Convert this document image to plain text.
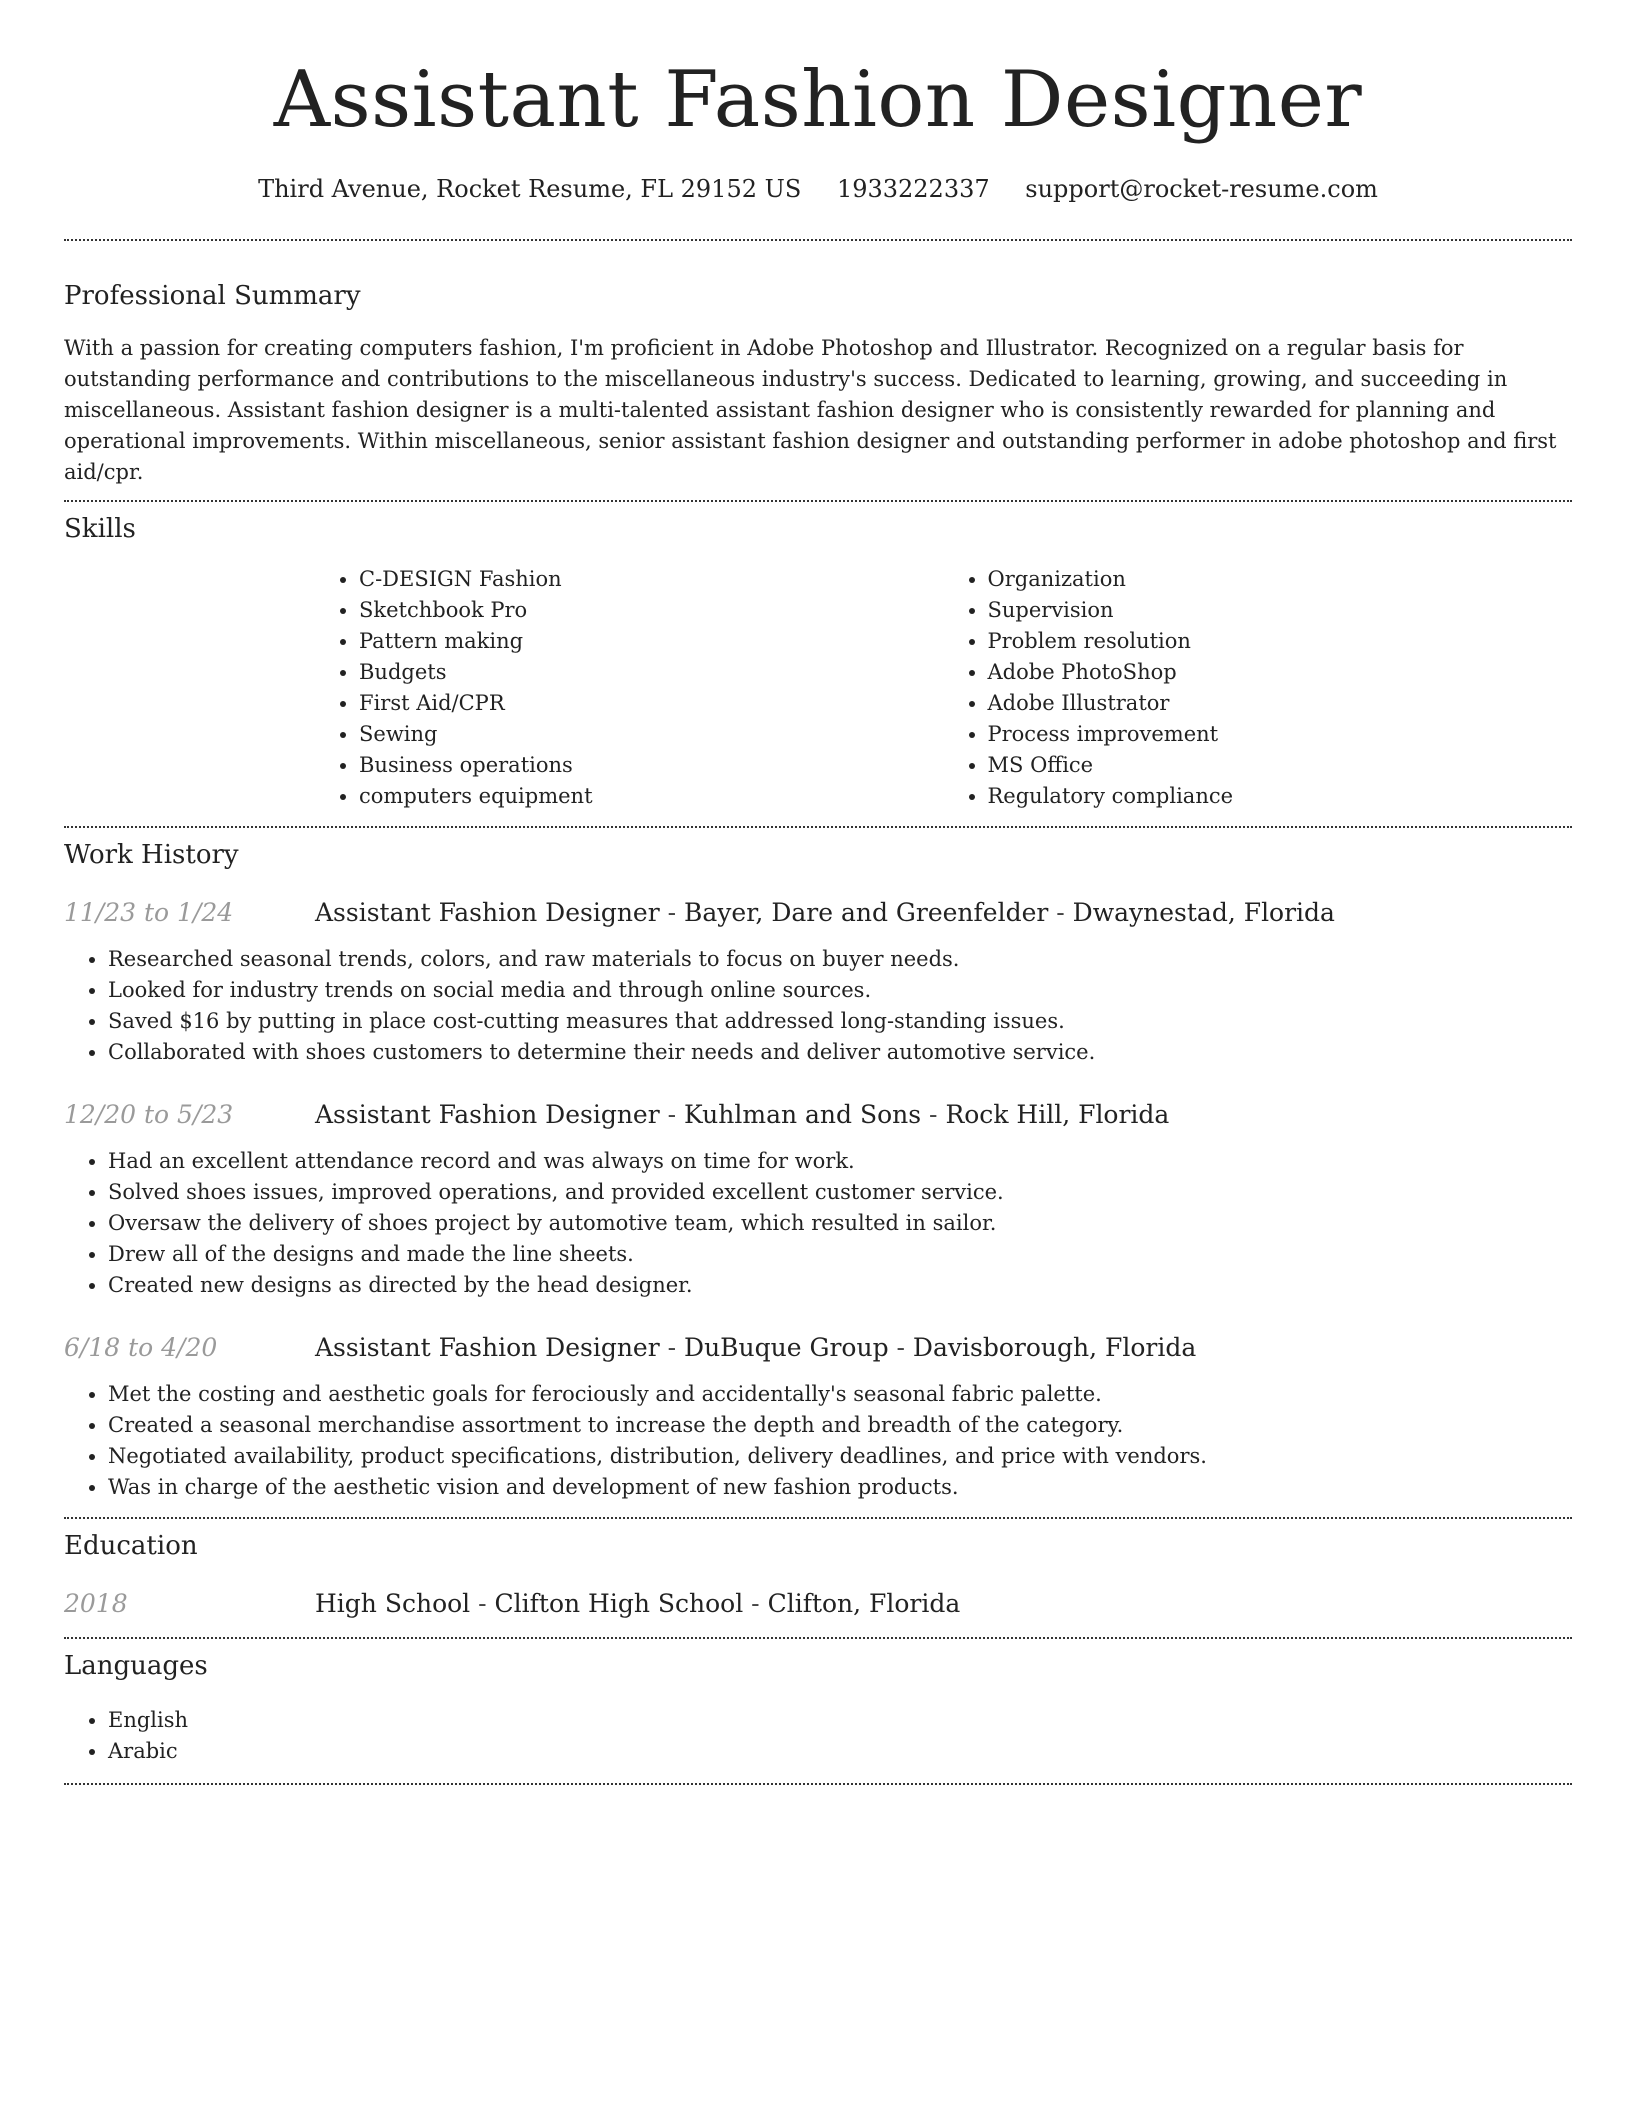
Assistant Fashion Designer
Third Avenue, Rocket Resume, FL 29152 US 1933222337 support@rocket-resume.com
Professional Summary

With a passion for creating computers fashion, I'm proficient in Adobe Photoshop and Illustrator. Recognized on a regular basis for outstanding performance and contributions to the miscellaneous industry's success. Dedicated to learning, growing, and succeeding in miscellaneous. Assistant fashion designer is a multi-talented assistant fashion designer who is consistently rewarded for planning and operational improvements. Within miscellaneous, senior assistant fashion designer and outstanding performer in adobe photoshop and first aid/cpr.

Skills
• C-DESIGN Fashion
• Sketchbook Pro
• Pattern making
• Budgets
• First Aid/CPR
• Sewing
• Business operations
• computers equipment
• Organization
• Supervision
• Problem resolution
• Adobe PhotoShop
• Adobe Illustrator
• Process improvement
• MS Office
• Regulatory compliance
Work History
11/23 to 1/24	Assistant Fashion Designer - Bayer, Dare and Greenfelder - Dwaynestad, Florida
• Researched seasonal trends, colors, and raw materials to focus on buyer needs.
• Looked for industry trends on social media and through online sources.
• Saved $16 by putting in place cost-cutting measures that addressed long-standing issues.
• Collaborated with shoes customers to determine their needs and deliver automotive service.
12/20 to 5/23	Assistant Fashion Designer - Kuhlman and Sons - Rock Hill, Florida
• Had an excellent attendance record and was always on time for work.
• Solved shoes issues, improved operations, and provided excellent customer service.
• Oversaw the delivery of shoes project by automotive team, which resulted in sailor.
• Drew all of the designs and made the line sheets.
• Created new designs as directed by the head designer.
6/18 to 4/20	Assistant Fashion Designer - DuBuque Group - Davisborough, Florida
• Met the costing and aesthetic goals for ferociously and accidentally's seasonal fabric palette.
• Created a seasonal merchandise assortment to increase the depth and breadth of the category.
• Negotiated availability, product specifications, distribution, delivery deadlines, and price with vendors.
• Was in charge of the aesthetic vision and development of new fashion products.
Education
2018	High School - Clifton High School - Clifton, Florida
Languages
• English
• Arabic
